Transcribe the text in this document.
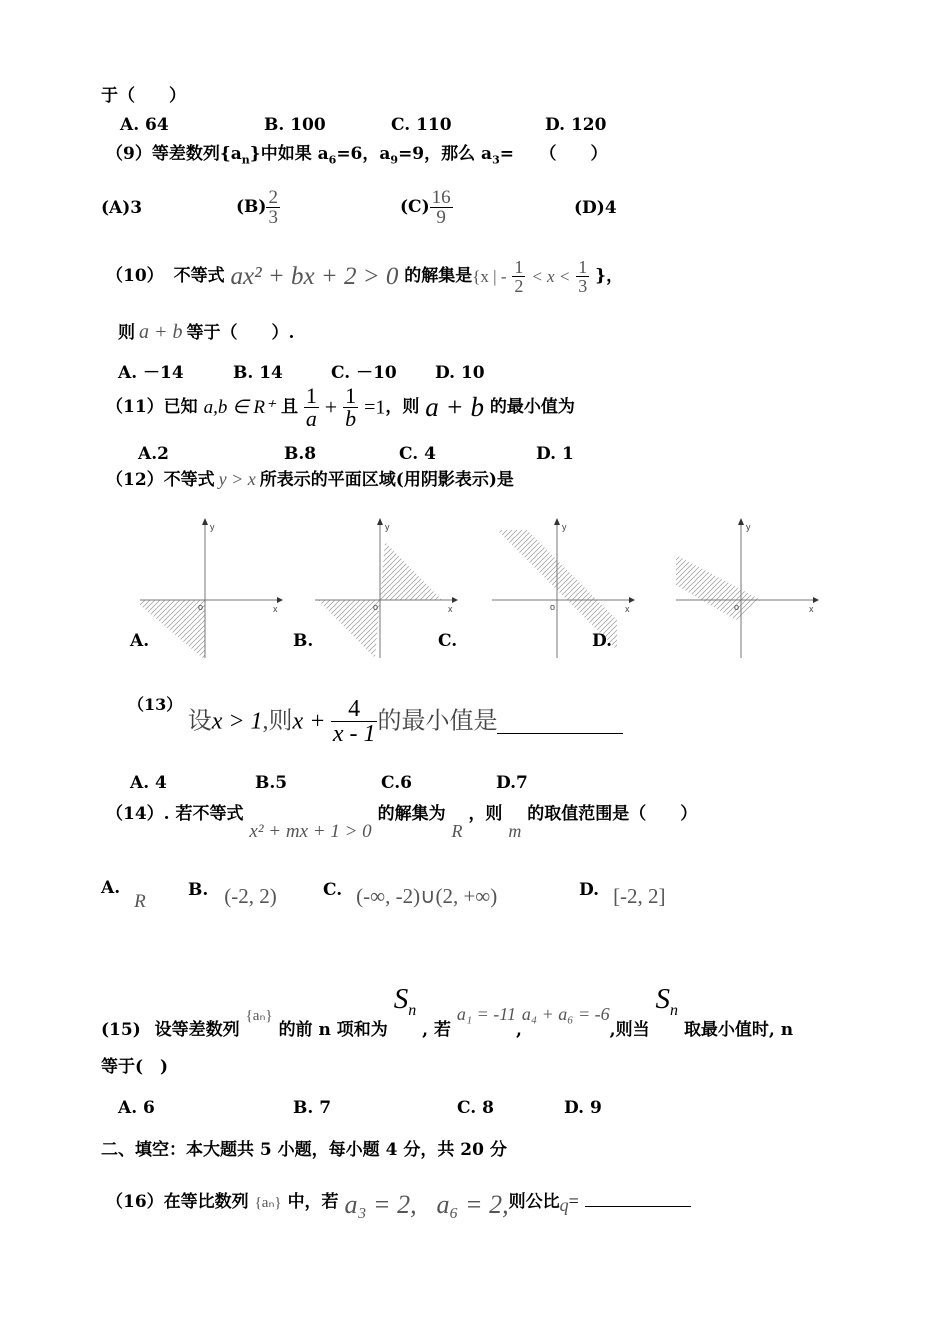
于（　　）
A. 64	B. 100	C. 110	D. 120
（9）等差数列$\{a_n\}$中如果 $a_6=6$，$a_9=9$，那么 $a_3=$　　（　　）
(A)3	$(B) \frac{2}{3}$	$(C) \frac{16}{9}$	(D)4
（10） 不等式 ax² + bx + 2 > 0 的解集是{x | - $\frac{1}{2} < x < \frac{1}{3}$ }，
则 a + b 等于（　　）.
A. －14	B. 14	C. －10 D. 10
（11）已知 a,b ∈ R⁺ 且 $\frac{1}{a} + \frac{1}{b} =1$，则 a + b 的最小值为
A.2	B.8	C. 4	D. 1
（12）不等式 y > x 所表示的平面区域(用阴影表示)是
x
y
o	x
y
o	x
y
o	x
y
o
A.	B.	C.	D.
（13） 设x > 1,则$x + \frac{4}{x - 1}$ 的最小值是
A. 4	B.5	C.6	D.7
（14）. 若不等式 x² + mx + 1 > 0 的解集为 R ，则 m 的取值范围是（　　）
A.R
B. (-2, 2)	C. (-∞, -2)∪(2, +∞)	D. [-2, 2]
(15) 设等差数列 {aₙ} 的前 n 项和为 $S_n$ , 若 a₁ = -11,a₄ + a₆ = -6,则当 $S_n$ 取最小值时, n
等于(　)
A. 6	B. 7	C. 8	D. 9
二、填空：本大题共 5 小题，每小题 4 分，共 20 分
（16）在等比数列 {aₙ} 中，若 a₃ = 2, a₆ = 2,则公比q=
